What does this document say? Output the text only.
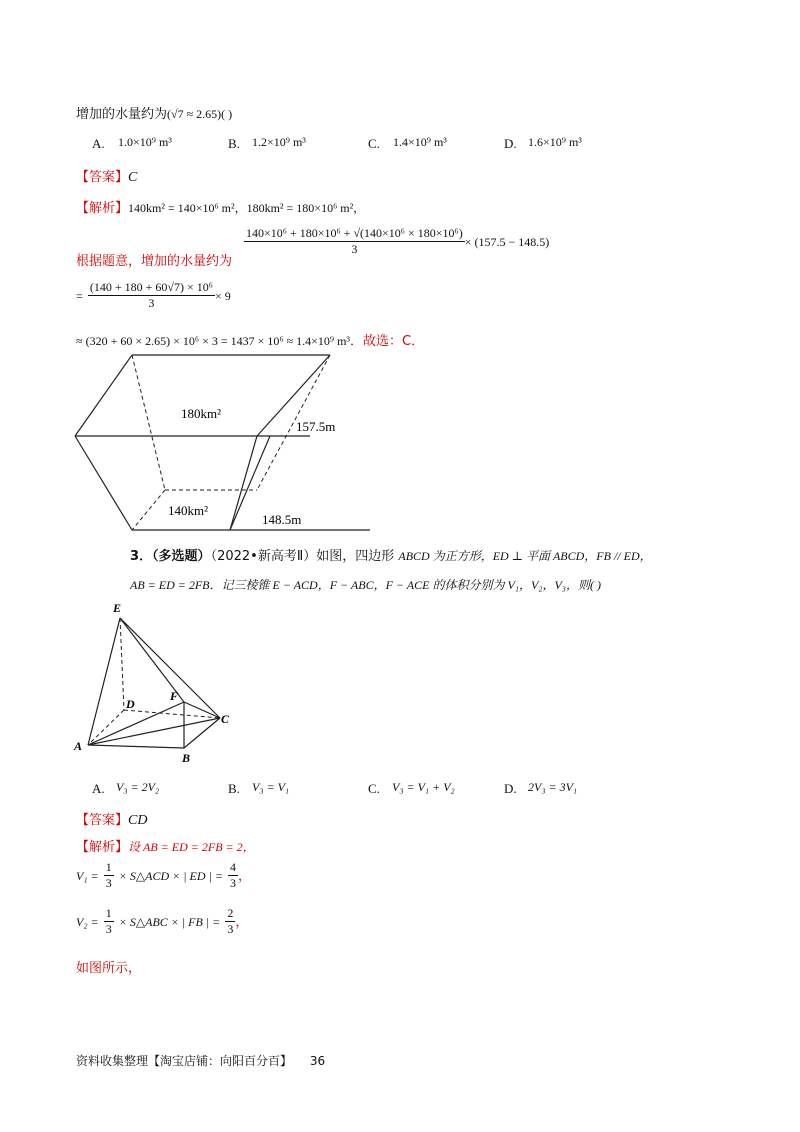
增加的水量约为(√7 ≈ 2.65)( )
A. 1.0×10⁹ m³	B. 1.2×10⁹ m³	C. 1.4×10⁹ m³	D. 1.6×10⁹ m³
【答案】C
【解析】140km² = 140×10⁶ m²，180km² = 180×10⁶ m²，
根据题意，增加的水量约为
$\frac{\text{140×10⁶ + 180×10⁶ + √(140×10⁶ × 180×10⁶)}}{3} \times (157.5 - 148.5)$
= $\frac{\text{(140 + 180 + 60√7) × 10⁶}}{3} \times 9$
≈ (320 + 60 × 2.65) × 10⁶ × 3 = 1437 × 10⁶ ≈ 1.4×10⁹ m³．故选：C．
180km²
140km²
157.5m
148.5m
3．（多选题）（2022•新高考Ⅱ）如图，四边形 ABCD 为正方形，ED ⊥ 平面 ABCD，FB // ED，
AB = ED = 2FB．记三棱锥 E − ACD，F − ABC，F − ACE 的体积分别为 V₁，V₂，V₃，则( )
E
D
F
C
A
B
A. V₃ = 2V₂	B. V₃ = V₁	C. V₃ = V₁ + V₂	D. 2V₃ = 3V₁
【答案】CD
【解析】设 AB = ED = 2FB = 2，
$V_1 = \frac{1}{3}$ × S△ACD × | ED | = $\frac{4}{3}$ ，
$V_2 = \frac{1}{3}$ × S△ABC × | FB | = $\frac{2}{3}$ ，
如图所示，
资料收集整理【淘宝店铺：向阳百分百】 36
